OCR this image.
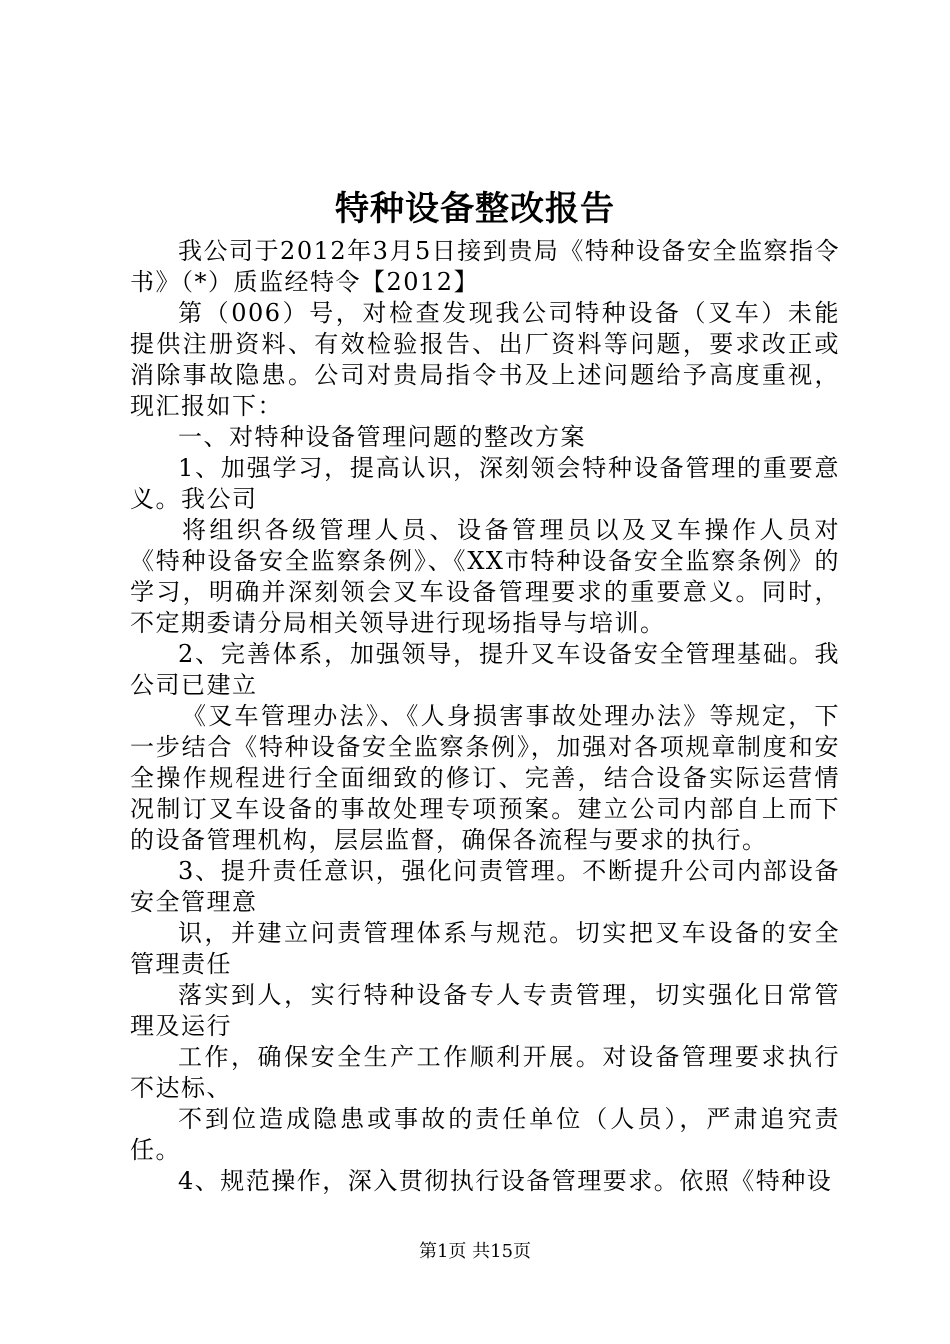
特种设备整改报告

我公司于2012年3月5日接到贵局《特种设备安全监察指令书》（*）质监经特令【2012】

第（006）号，对检查发现我公司特种设备（叉车）未能提供注册资料、有效检验报告、出厂资料等问题，要求改正或消除事故隐患。公司对贵局指令书及上述问题给予高度重视，现汇报如下：

一、对特种设备管理问题的整改方案

1、加强学习，提高认识，深刻领会特种设备管理的重要意义。我公司

将组织各级管理人员、设备管理员以及叉车操作人员对《特种设备安全监察条例》、《XX市特种设备安全监察条例》的学习，明确并深刻领会叉车设备管理要求的重要意义。同时，不定期委请分局相关领导进行现场指导与培训。

2、完善体系，加强领导，提升叉车设备安全管理基础。我公司已建立

《叉车管理办法》、《人身损害事故处理办法》等规定，下一步结合《特种设备安全监察条例》，加强对各项规章制度和安全操作规程进行全面细致的修订、完善，结合设备实际运营情况制订叉车设备的事故处理专项预案。建立公司内部自上而下的设备管理机构，层层监督，确保各流程与要求的执行。

3、提升责任意识，强化问责管理。不断提升公司内部设备安全管理意

识，并建立问责管理体系与规范。切实把叉车设备的安全管理责任

落实到人，实行特种设备专人专责管理，切实强化日常管理及运行

工作，确保安全生产工作顺利开展。对设备管理要求执行不达标、

不到位造成隐患或事故的责任单位（人员），严肃追究责任。

4、规范操作，深入贯彻执行设备管理要求。依照《特种设

第1页 共15页
